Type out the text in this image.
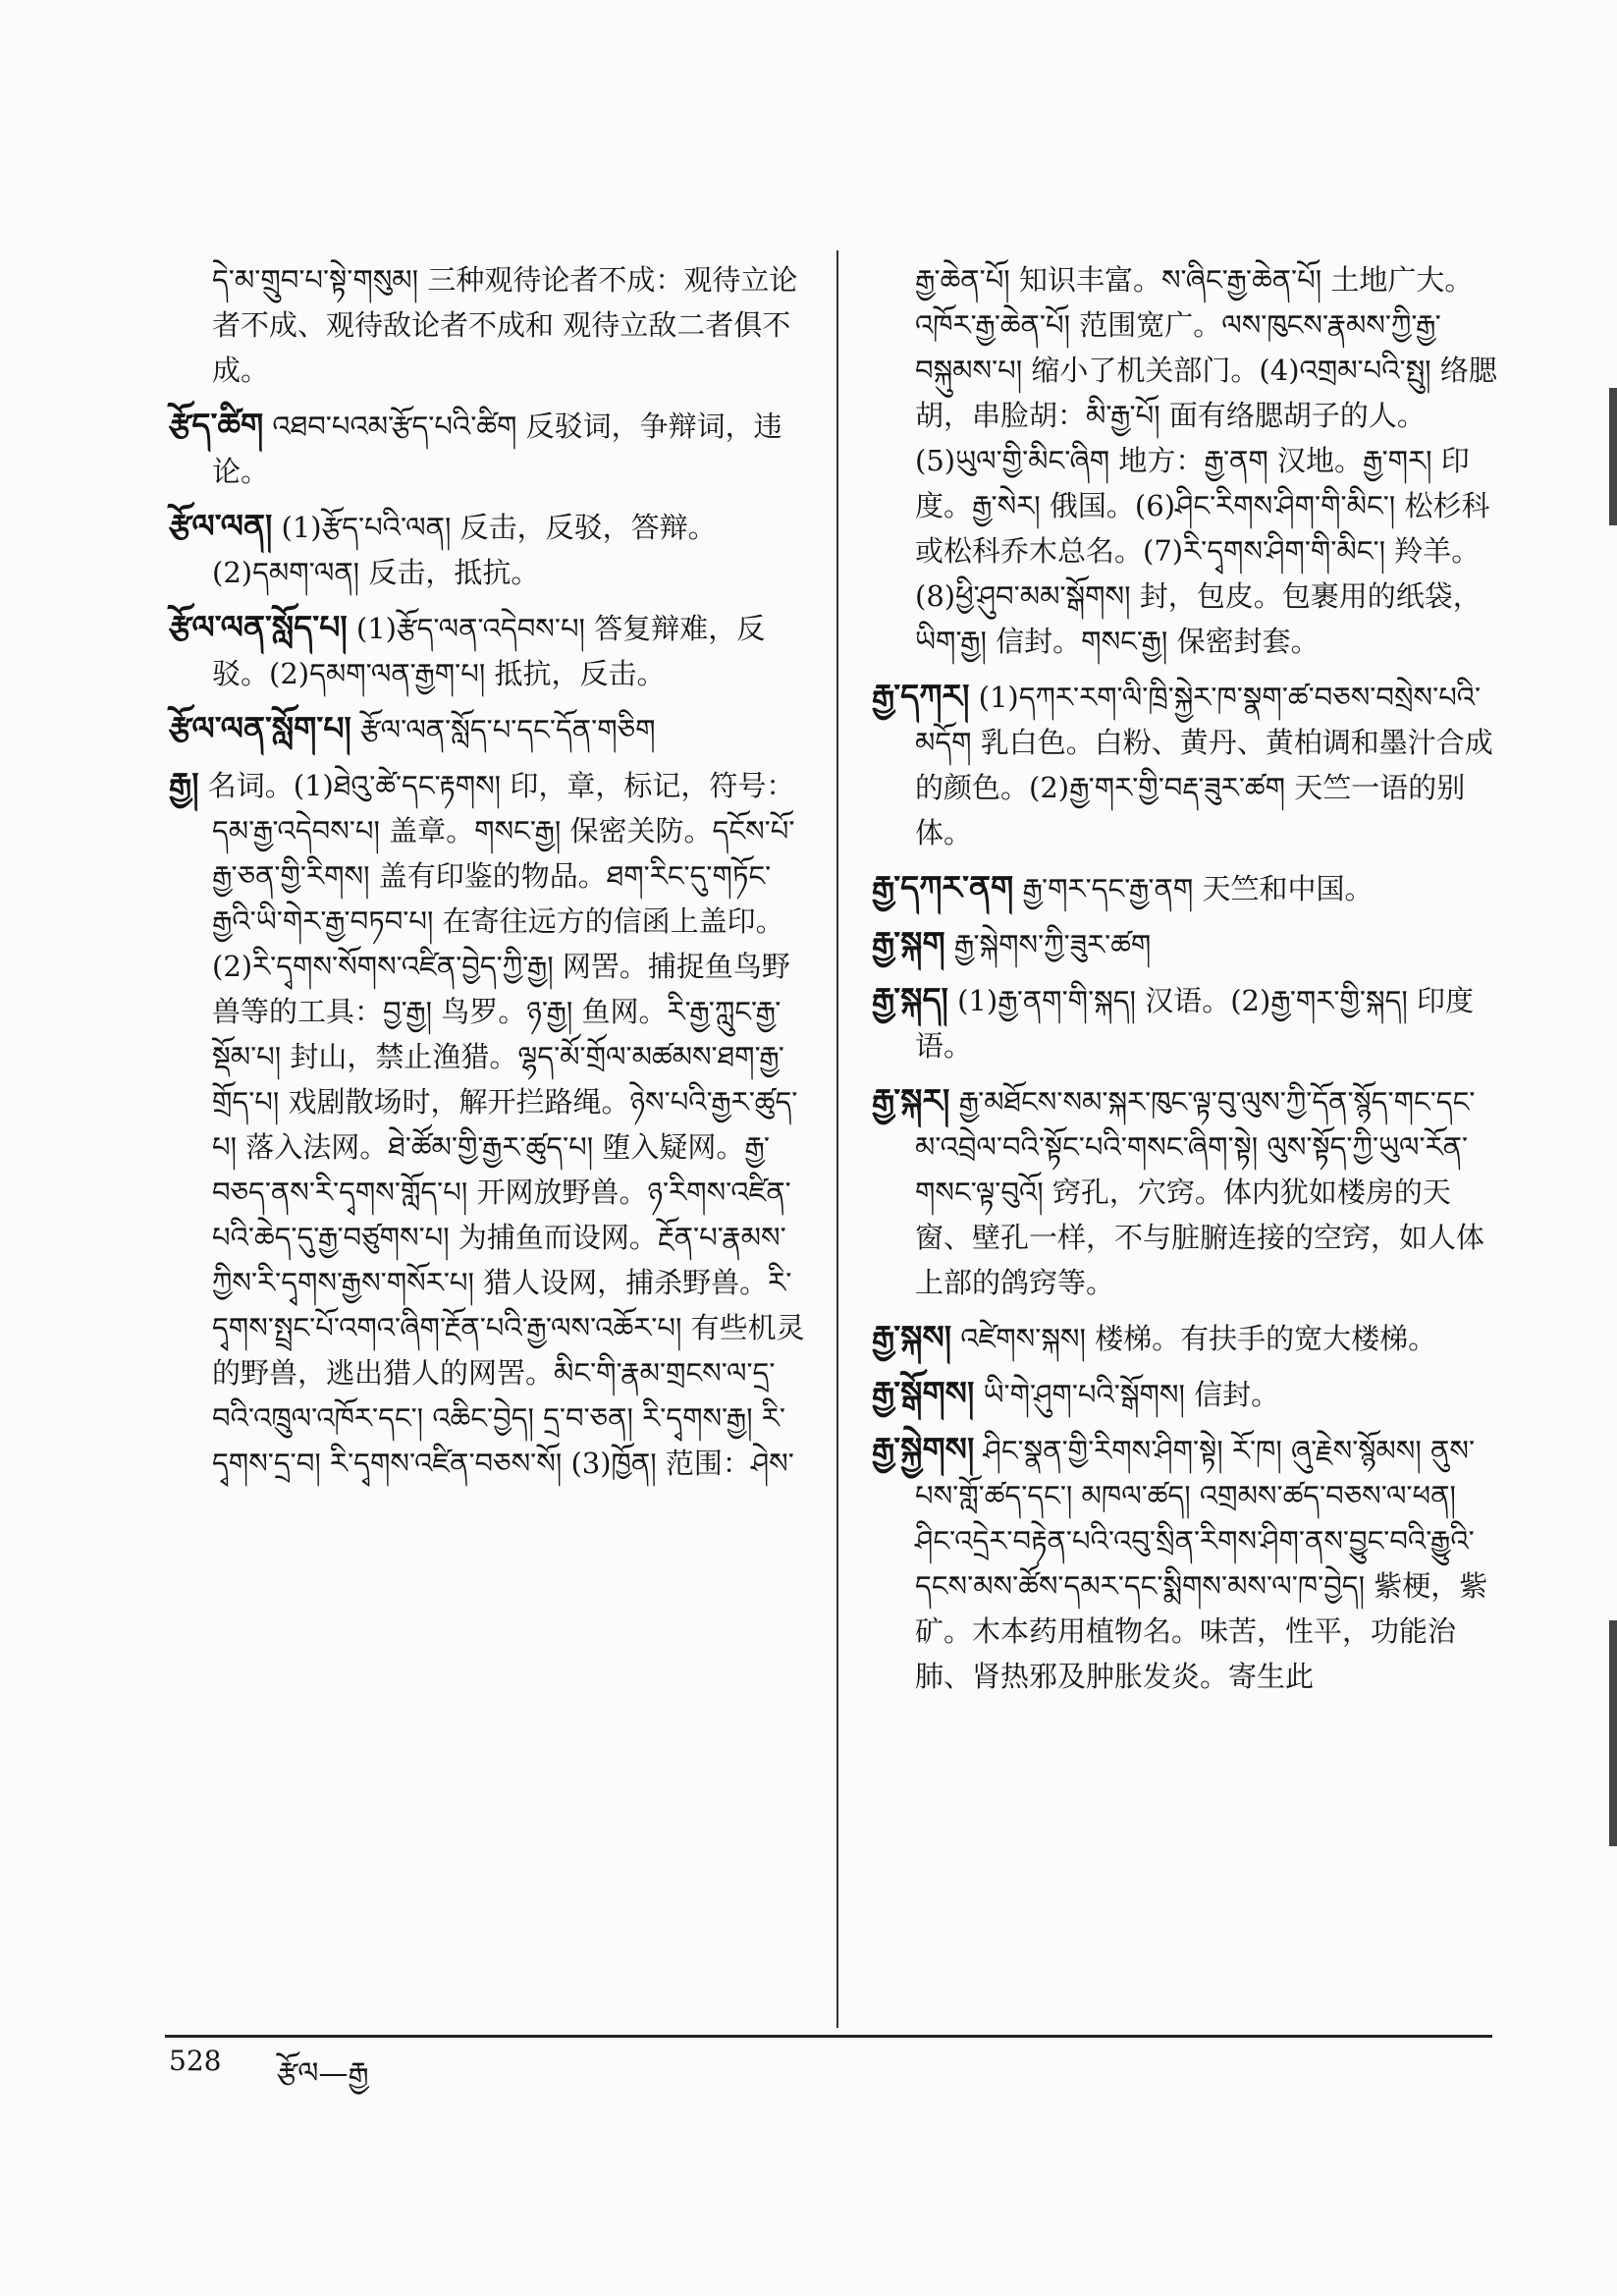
དེ་མ་གྲུབ་པ་སྟེ་གསུམ། 三种观待论者不成：观待立论者不成、观待敌论者不成和 观待立敌二者俱不成。

རྩོད་ཚིག འཐབ་པའམ་རྩོད་པའི་ཚིག 反驳词，争辩词，违论。

རྩོལ་ལན། (1)རྩོད་པའི་ལན། 反击，反驳，答辩。(2)དམག་ལན། 反击，抵抗。

རྩོལ་ལན་སློད་པ། (1)རྩོད་ལན་འདེབས་པ། 答复辩难，反驳。(2)དམག་ལན་རྒྱག་པ། 抵抗，反击。

རྩོལ་ལན་སློག་པ། རྩོལ་ལན་སློད་པ་དང་དོན་གཅིག

རྒྱ། 名词。(1)ཐེའུ་ཚེ་དང་རྟགས། 印，章，标记，符号：དམ་རྒྱ་འདེབས་པ། 盖章。གསང་རྒྱ། 保密关防。དངོས་པོ་རྒྱ་ཅན་གྱི་རིགས། 盖有印鉴的物品。ཐག་རིང་དུ་གཏོང་རྒྱའི་ཡི་གེར་རྒྱ་བཏབ་པ། 在寄往远方的信函上盖印。(2)རི་དྭགས་སོགས་འཛིན་བྱེད་ཀྱི་རྒྱ། 网罟。捕捉鱼鸟野兽等的工具：བྱ་རྒྱ། 鸟罗。ཉ་རྒྱ། 鱼网。རི་རྒྱ་ཀླུང་རྒྱ་སྡོམ་པ། 封山，禁止渔猎。ལྷད་མོ་གྲོལ་མཚམས་ཐག་རྒྱ་གྲོད་པ། 戏剧散场时，解开拦路绳。ཉེས་པའི་རྒྱར་ཚུད་པ། 落入法网。ཐེ་ཚོམ་གྱི་རྒྱར་ཚུད་པ། 堕入疑网。རྒྱ་བཅད་ནས་རི་དྭགས་གློད་པ། 开网放野兽。ཉ་རིགས་འཛིན་པའི་ཆེད་དུ་རྒྱ་བཙུགས་པ། 为捕鱼而设网。རྔོན་པ་རྣམས་ཀྱིས་རི་དྭགས་རྒྱས་གསོར་པ། 猎人设网，捕杀野兽。རི་དྭགས་སྤྲང་པོ་འགའ་ཞིག་རྔོན་པའི་རྒྱ་ལས་འཆོར་པ། 有些机灵的野兽，逃出猎人的网罟。མིང་གི་རྣམ་གྲངས་ལ་དྲ་བའི་འཁྲུལ་འཁོར་དང་། འཆིང་བྱེད། དྲ་བ་ཅན། རི་དྭགས་རྒྱ། རི་དྭགས་དྲ་བ། རི་དྭགས་འཛིན་བཅས་སོ། (3)ཁྱོན། 范围：ཤེས་

རྒྱ་ཆེན་པོ། 知识丰富。ས་ཞིང་རྒྱ་ཆེན་པོ། 土地广大。འཁོར་རྒྱ་ཆེན་པོ། 范围宽广。ལས་ཁུངས་རྣམས་ཀྱི་རྒྱ་བསྐུམས་པ། 缩小了机关部门。(4)འགྲམ་པའི་སྤུ། 络腮胡，串脸胡：མི་རྒྱ་པོ། 面有络腮胡子的人。(5)ཡུལ་གྱི་མིང་ཞིག 地方：རྒྱ་ནག 汉地。རྒྱ་གར། 印度。རྒྱ་སེར། 俄国。(6)ཤིང་རིགས་ཤིག་གི་མིང་། 松杉科或松科乔木总名。(7)རི་དྭགས་ཤིག་གི་མིང་། 羚羊。(8)ཕྱི་ཤུབ་མམ་སྒོགས། 封，包皮。包裹用的纸袋，ཡིག་རྒྱ། 信封。གསང་རྒྱ། 保密封套。

རྒྱ་དཀར། (1)དཀར་རག་ལི་ཁྲི་སྐྱེར་ཁ་སྣག་ཚ་བཅས་བསྲེས་པའི་མདོག 乳白色。白粉、黄丹、黄柏调和墨汁合成的颜色。(2)རྒྱ་གར་གྱི་བརྡ་ཟུར་ཚག 天竺一语的别体。

རྒྱ་དཀར་ནག རྒྱ་གར་དང་རྒྱ་ནག 天竺和中国。

རྒྱ་སྐག རྒྱ་སྐེགས་ཀྱི་ཟུར་ཚག

རྒྱ་སྐད། (1)རྒྱ་ནག་གི་སྐད། 汉语。(2)རྒྱ་གར་གྱི་སྐད། 印度语。

རྒྱ་སྐར། རྒྱ་མཐོངས་སམ་སྐར་ཁུང་ལྟ་བུ་ལུས་ཀྱི་དོན་སྙོད་གང་དང་མ་འབྲེལ་བའི་སྟོང་པའི་གསང་ཞིག་སྟེ། ལུས་སྟོད་ཀྱི་ཡུལ་རོན་གསང་ལྟ་བུའོ། 窍孔，穴窍。体内犹如楼房的天窗、壁孔一样，不与脏腑连接的空窍，如人体上部的鸽窍等。

རྒྱ་སྐས། འཛེགས་སྐས། 楼梯。有扶手的宽大楼梯。

རྒྱ་སྒོགས། ཡི་གེ་ཤུག་པའི་སྒོགས། 信封。

རྒྱ་སྐྱེགས། ཤིང་སྣན་གྱི་རིགས་ཤིག་སྟེ། རོ་ཁ། ཞུ་རྗེས་སྙོམས། ནུས་པས་གློ་ཚད་དང་། མཁལ་ཚད། འགྲམས་ཚད་བཅས་ལ་ཕན། ཤིང་འདྲེར་བརྟེན་པའི་འབུ་སྲིན་རིགས་ཤིག་ནས་བྱུང་བའི་རྒྱུའི་དངས་མས་ཚོས་དམར་དང་སྨིགས་མས་ལ་ཁ་བྱེད། 紫梗，紫矿。木本药用植物名。味苦，性平，功能治肺、肾热邪及肿胀发炎。寄生此

528 རྩོལ—རྒྱ
